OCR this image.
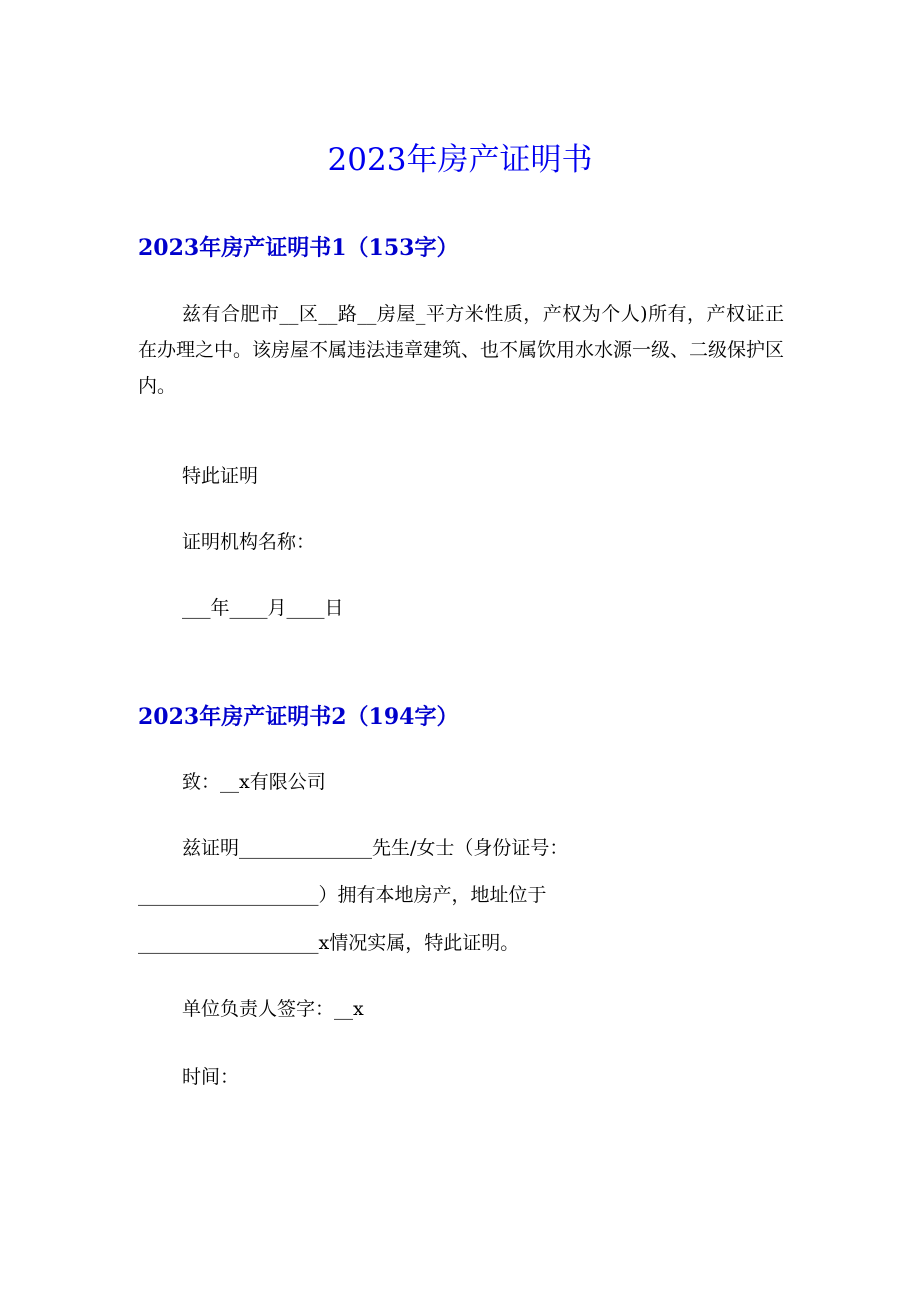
2023年房产证明书
2023年房产证明书1（153字）

兹有合肥市__区__路__房屋_平方米性质，产权为个人)所有，产权证正在办理之中。该房屋不属违法违章建筑、也不属饮用水水源一级、二级保护区内。

特此证明

证明机构名称：

___年____月____日

2023年房产证明书2（194字）

致：__x有限公司

兹证明______________先生/女士（身份证号：

___________________）拥有本地房产，地址位于

___________________x情况实属，特此证明。

单位负责人签字：__x

时间：
